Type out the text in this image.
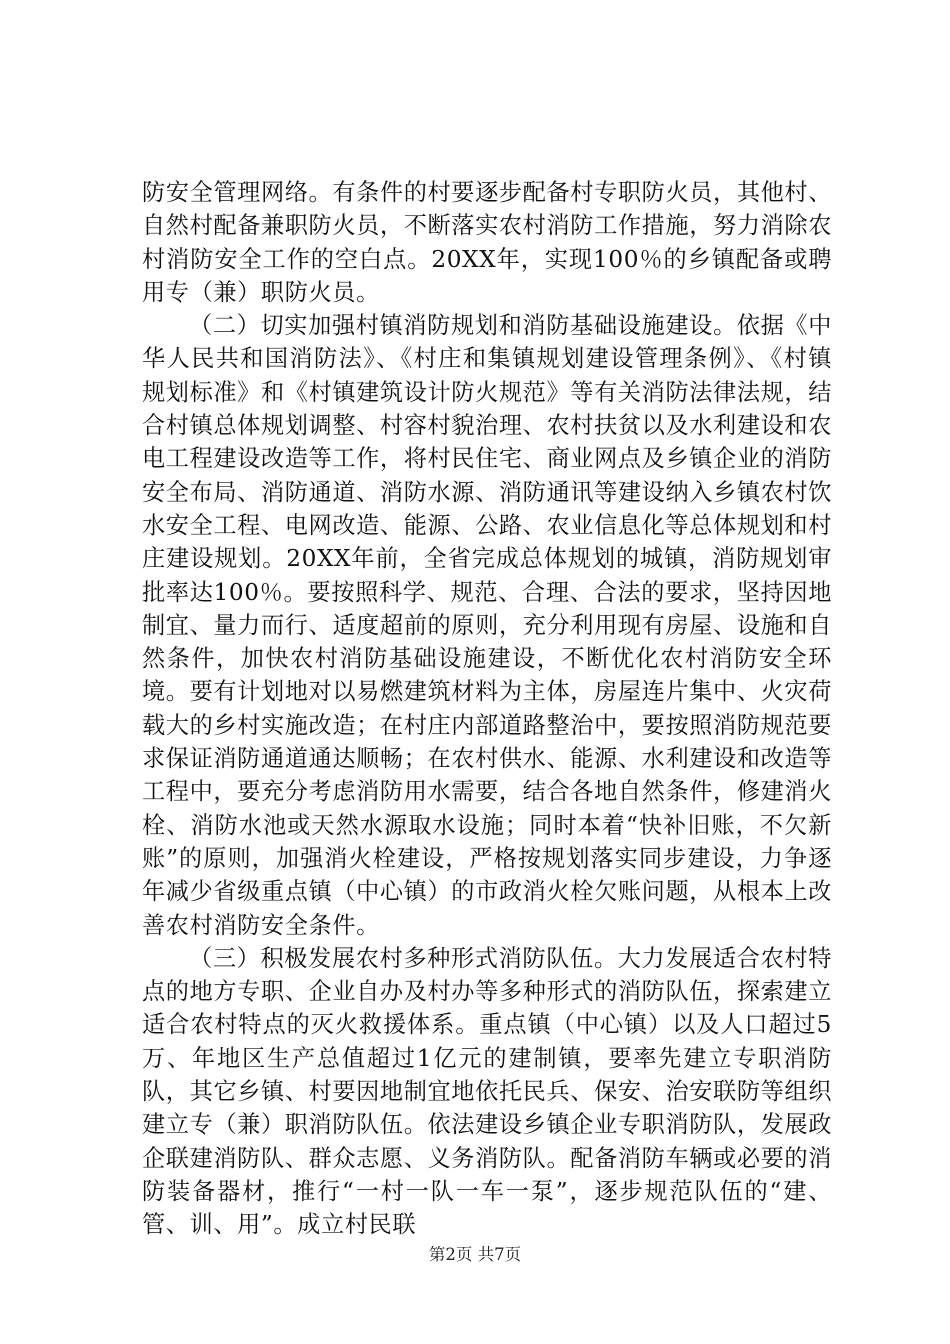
防安全管理网络。有条件的村要逐步配备村专职防火员，其他村、自然村配备兼职防火员，不断落实农村消防工作措施，努力消除农村消防安全工作的空白点。20XX年，实现100％的乡镇配备或聘用专（兼）职防火员。

（二）切实加强村镇消防规划和消防基础设施建设。依据《中华人民共和国消防法》、《村庄和集镇规划建设管理条例》、《村镇规划标准》和《村镇建筑设计防火规范》等有关消防法律法规，结合村镇总体规划调整、村容村貌治理、农村扶贫以及水利建设和农电工程建设改造等工作，将村民住宅、商业网点及乡镇企业的消防安全布局、消防通道、消防水源、消防通讯等建设纳入乡镇农村饮水安全工程、电网改造、能源、公路、农业信息化等总体规划和村庄建设规划。20XX年前，全省完成总体规划的城镇，消防规划审批率达100％。要按照科学、规范、合理、合法的要求，坚持因地制宜、量力而行、适度超前的原则，充分利用现有房屋、设施和自然条件，加快农村消防基础设施建设，不断优化农村消防安全环境。要有计划地对以易燃建筑材料为主体，房屋连片集中、火灾荷载大的乡村实施改造；在村庄内部道路整治中，要按照消防规范要求保证消防通道通达顺畅；在农村供水、能源、水利建设和改造等工程中，要充分考虑消防用水需要，结合各地自然条件，修建消火栓、消防水池或天然水源取水设施；同时本着“快补旧账，不欠新账”的原则，加强消火栓建设，严格按规划落实同步建设，力争逐年减少省级重点镇（中心镇）的市政消火栓欠账问题，从根本上改善农村消防安全条件。

（三）积极发展农村多种形式消防队伍。大力发展适合农村特点的地方专职、企业自办及村办等多种形式的消防队伍，探索建立适合农村特点的灭火救援体系。重点镇（中心镇）以及人口超过5万、年地区生产总值超过1亿元的建制镇，要率先建立专职消防队，其它乡镇、村要因地制宜地依托民兵、保安、治安联防等组织建立专（兼）职消防队伍。依法建设乡镇企业专职消防队，发展政企联建消防队、群众志愿、义务消防队。配备消防车辆或必要的消防装备器材，推行“一村一队一车一泵”，逐步规范队伍的“建、管、训、用”。成立村民联

第2页 共7页
